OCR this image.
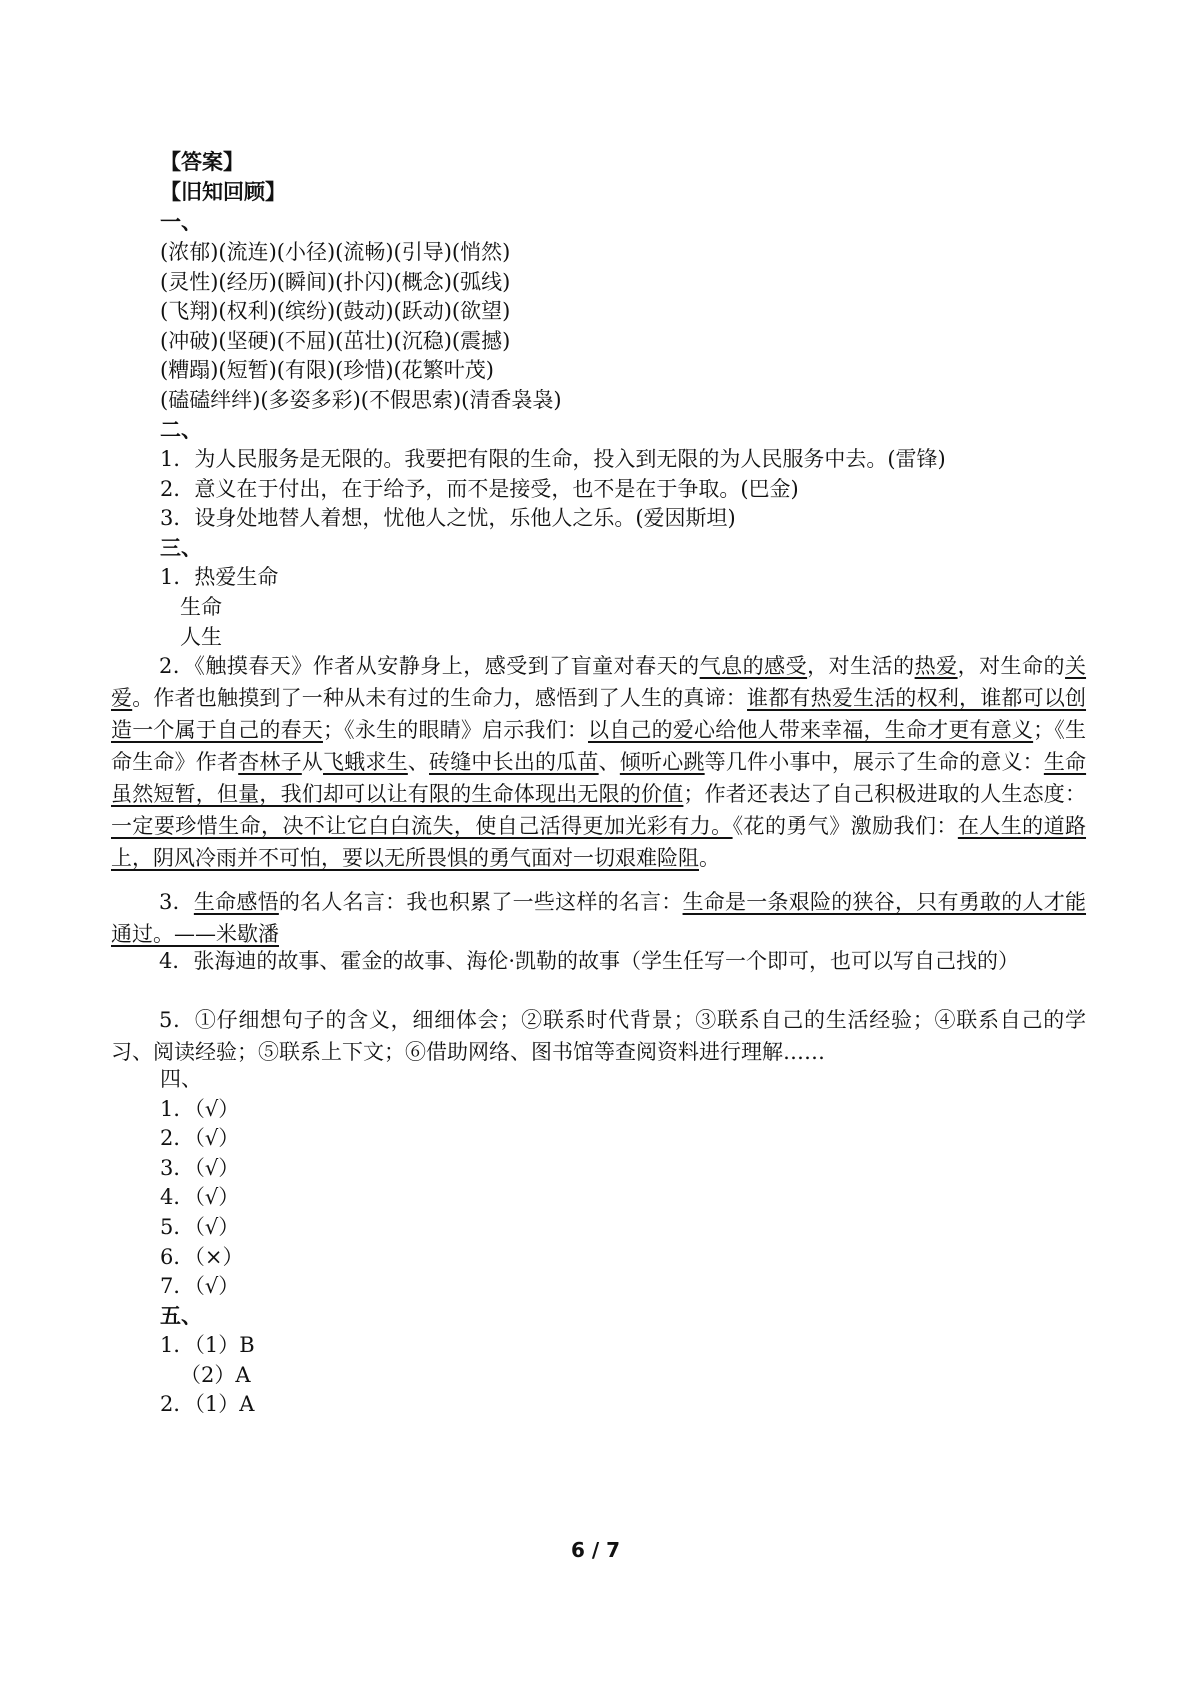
【答案】
【旧知回顾】
一、
(浓郁)(流连)(小径)(流畅)(引导)(悄然)
(灵性)(经历)(瞬间)(扑闪)(概念)(弧线)
(飞翔)(权利)(缤纷)(鼓动)(跃动)(欲望)
(冲破)(坚硬)(不屈)(茁壮)(沉稳)(震撼)
(糟蹋)(短暂)(有限)(珍惜)(花繁叶茂)
(磕磕绊绊)(多姿多彩)(不假思索)(清香袅袅)
二、
1．为人民服务是无限的。我要把有限的生命，投入到无限的为人民服务中去。(雷锋)
2．意义在于付出，在于给予，而不是接受，也不是在于争取。(巴金)
3．设身处地替人着想，忧他人之忧，乐他人之乐。(爱因斯坦)
三、
1．热爱生命
生命
人生
2．《触摸春天》作者从安静身上，感受到了盲童对春天的气息的感受，对生活的热爱，对生命的关爱。作者也触摸到了一种从未有过的生命力，感悟到了人生的真谛：谁都有热爱生活的权利，谁都可以创造一个属于自己的春天；《永生的眼睛》启示我们：以自己的爱心给他人带来幸福，生命才更有意义；《生命生命》作者杏林子从飞蛾求生、砖缝中长出的瓜苗、倾听心跳等几件小事中，展示了生命的意义：生命虽然短暂，但量，我们却可以让有限的生命体现出无限的价值；作者还表达了自己积极进取的人生态度：一定要珍惜生命，决不让它白白流失，使自己活得更加光彩有力。《花的勇气》激励我们：在人生的道路上，阴风冷雨并不可怕，要以无所畏惧的勇气面对一切艰难险阻。
3．生命感悟的名人名言：我也积累了一些这样的名言：生命是一条艰险的狭谷，只有勇敢的人才能通过。——米歇潘
4．张海迪的故事、霍金的故事、海伦·凯勒的故事（学生任写一个即可，也可以写自己找的）
5．①仔细想句子的含义，细细体会；②联系时代背景；③联系自己的生活经验；④联系自己的学习、阅读经验；⑤联系上下文；⑥借助网络、图书馆等查阅资料进行理解……
四、
1．（√）
2．（√）
3．（√）
4．（√）
5．（√）
6．（×）
7．（√）
五、
1．（1）B
（2）A
2．（1）A
6 / 7
